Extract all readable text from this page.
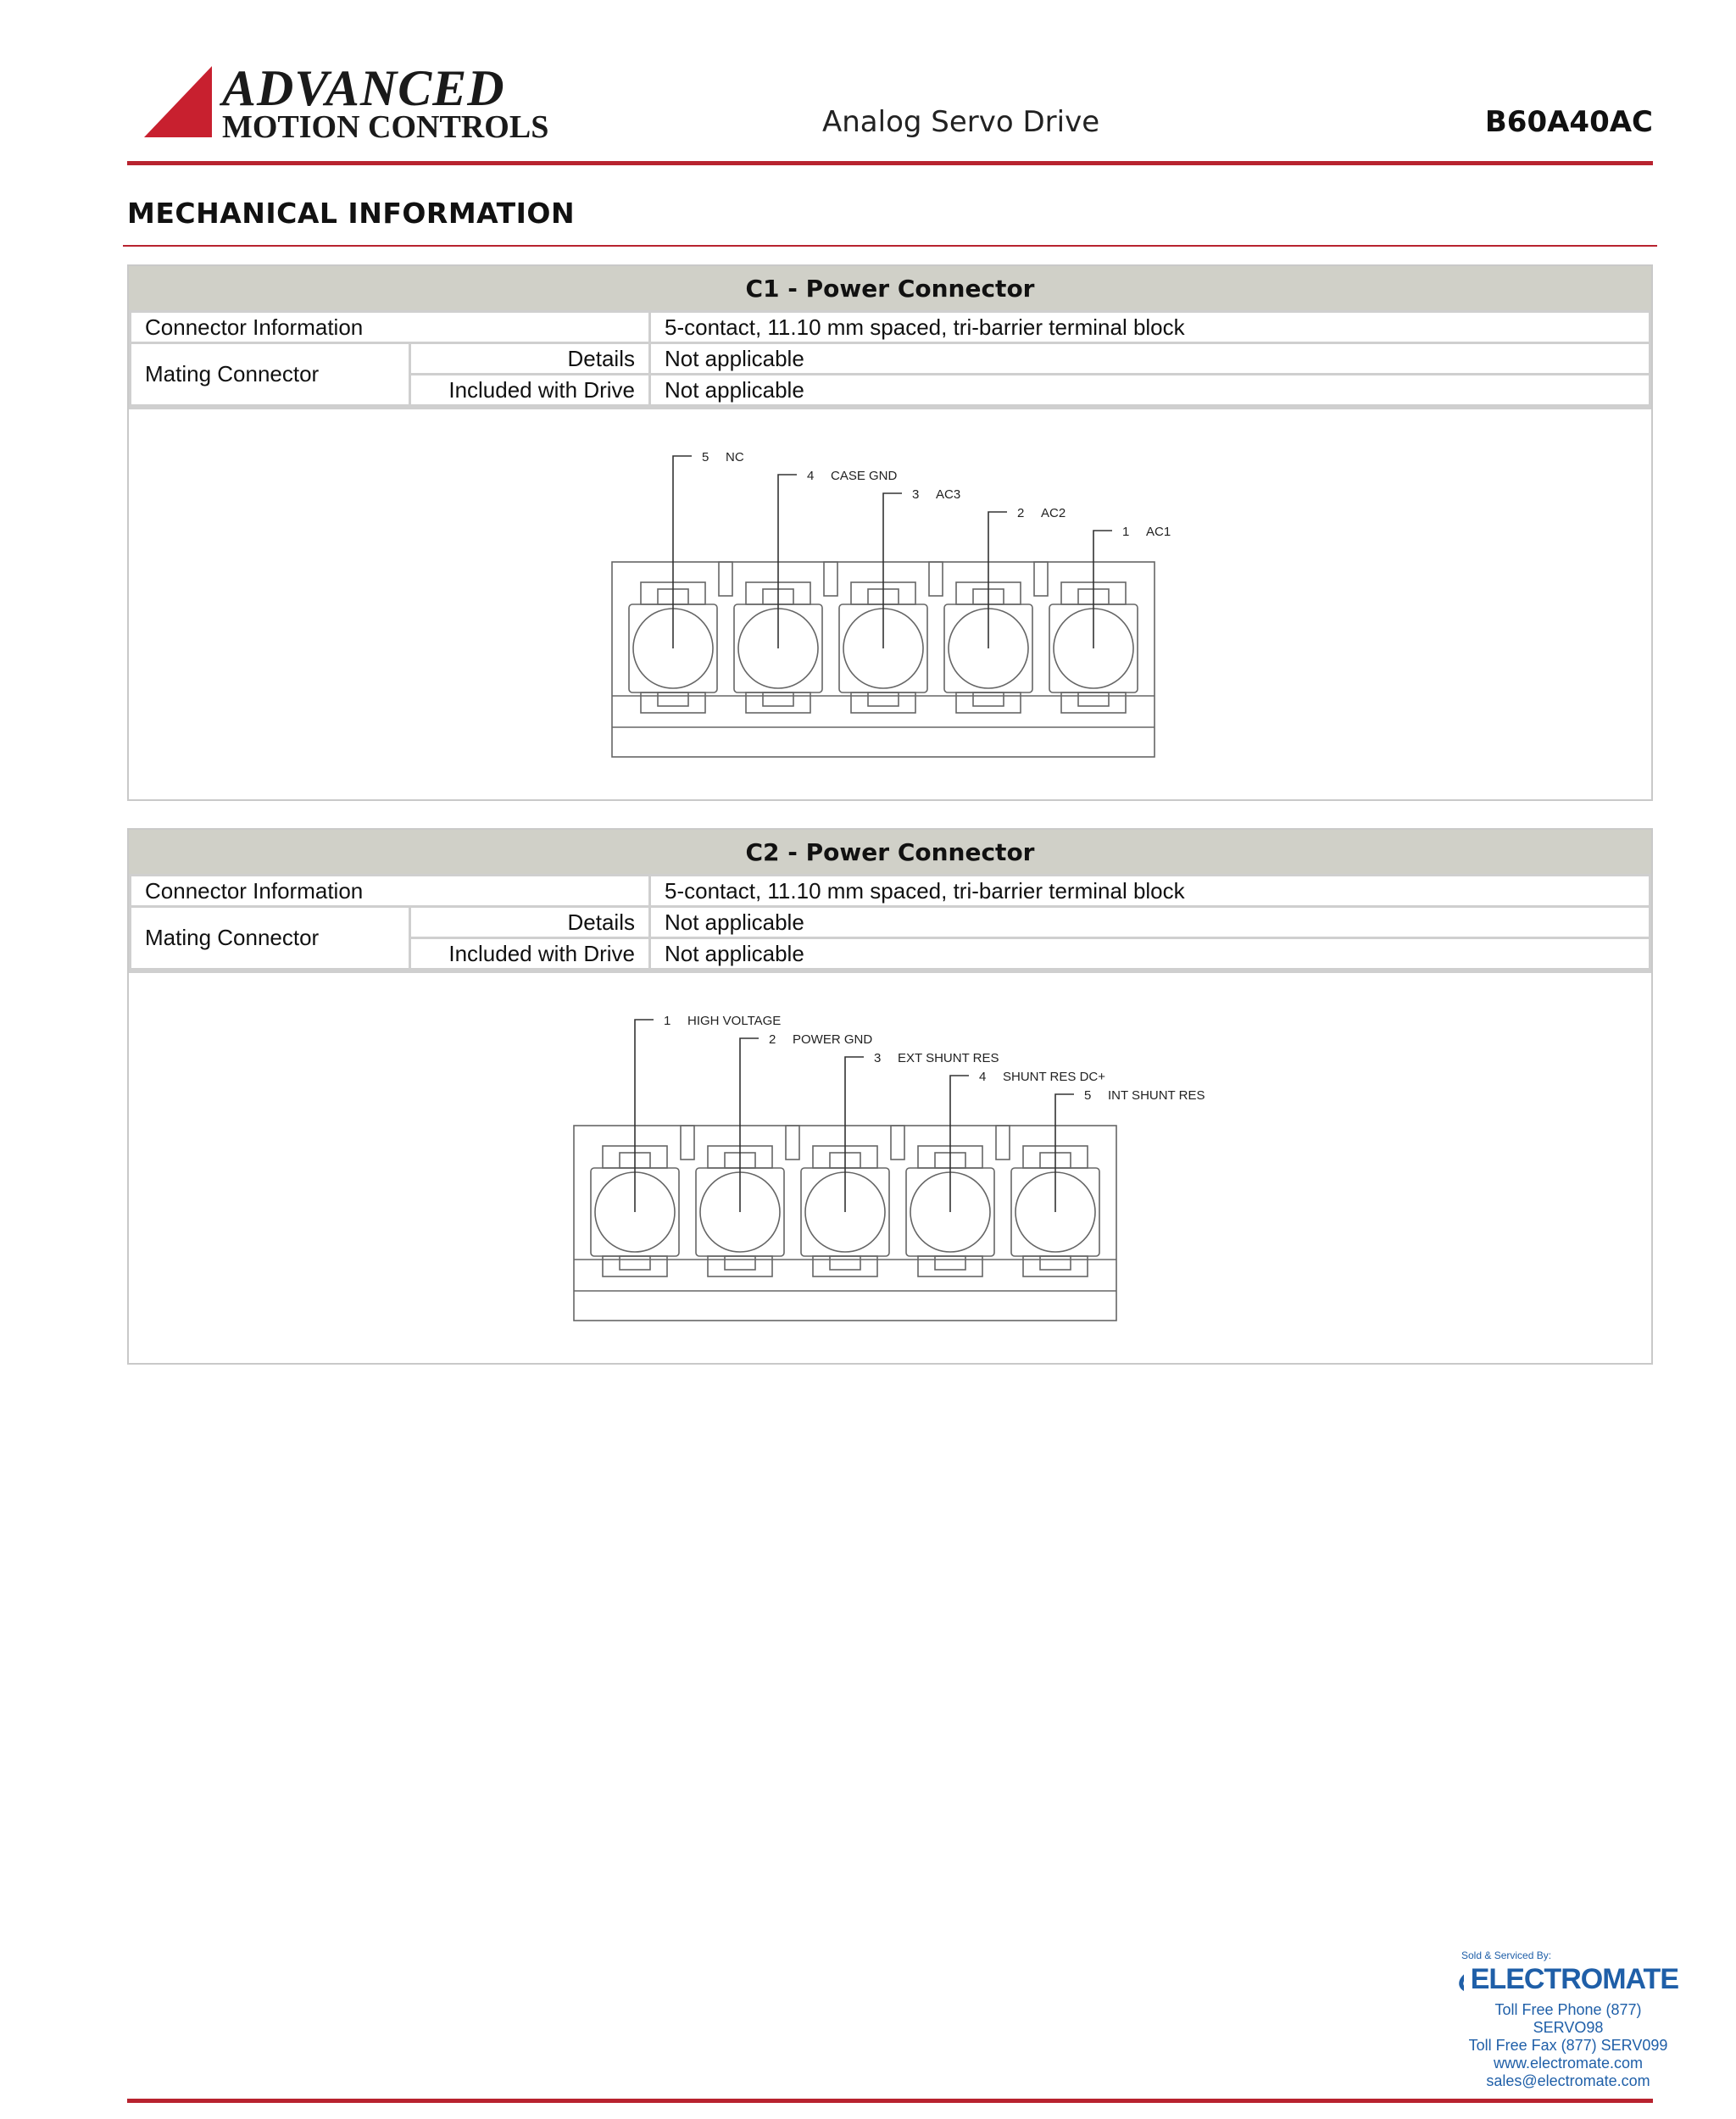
ADVANCED
MOTION CONTROLS	Analog Servo Drive	B60A40AC
MECHANICAL INFORMATION
C1 - Power Connector
Connector Information		5-contact, 11.10 mm spaced, tri-barrier terminal block
Mating Connector	Details	Not applicable
	Included with Drive	Not applicable
5 NC
4 CASE GND
3 AC3
2 AC2
1 AC1
C2 - Power Connector
Connector Information		5-contact, 11.10 mm spaced, tri-barrier terminal block
Mating Connector	Details	Not applicable
	Included with Drive	Not applicable
1 HIGH VOLTAGE
2 POWER GND
3 EXT SHUNT RES
4 SHUNT RES DC+
5 INT SHUNT RES
Sold & Serviced By:
ELECTROMATE
Toll Free Phone (877) SERVO98
Toll Free Fax (877) SERV099
www.electromate.com
sales@electromate.com
